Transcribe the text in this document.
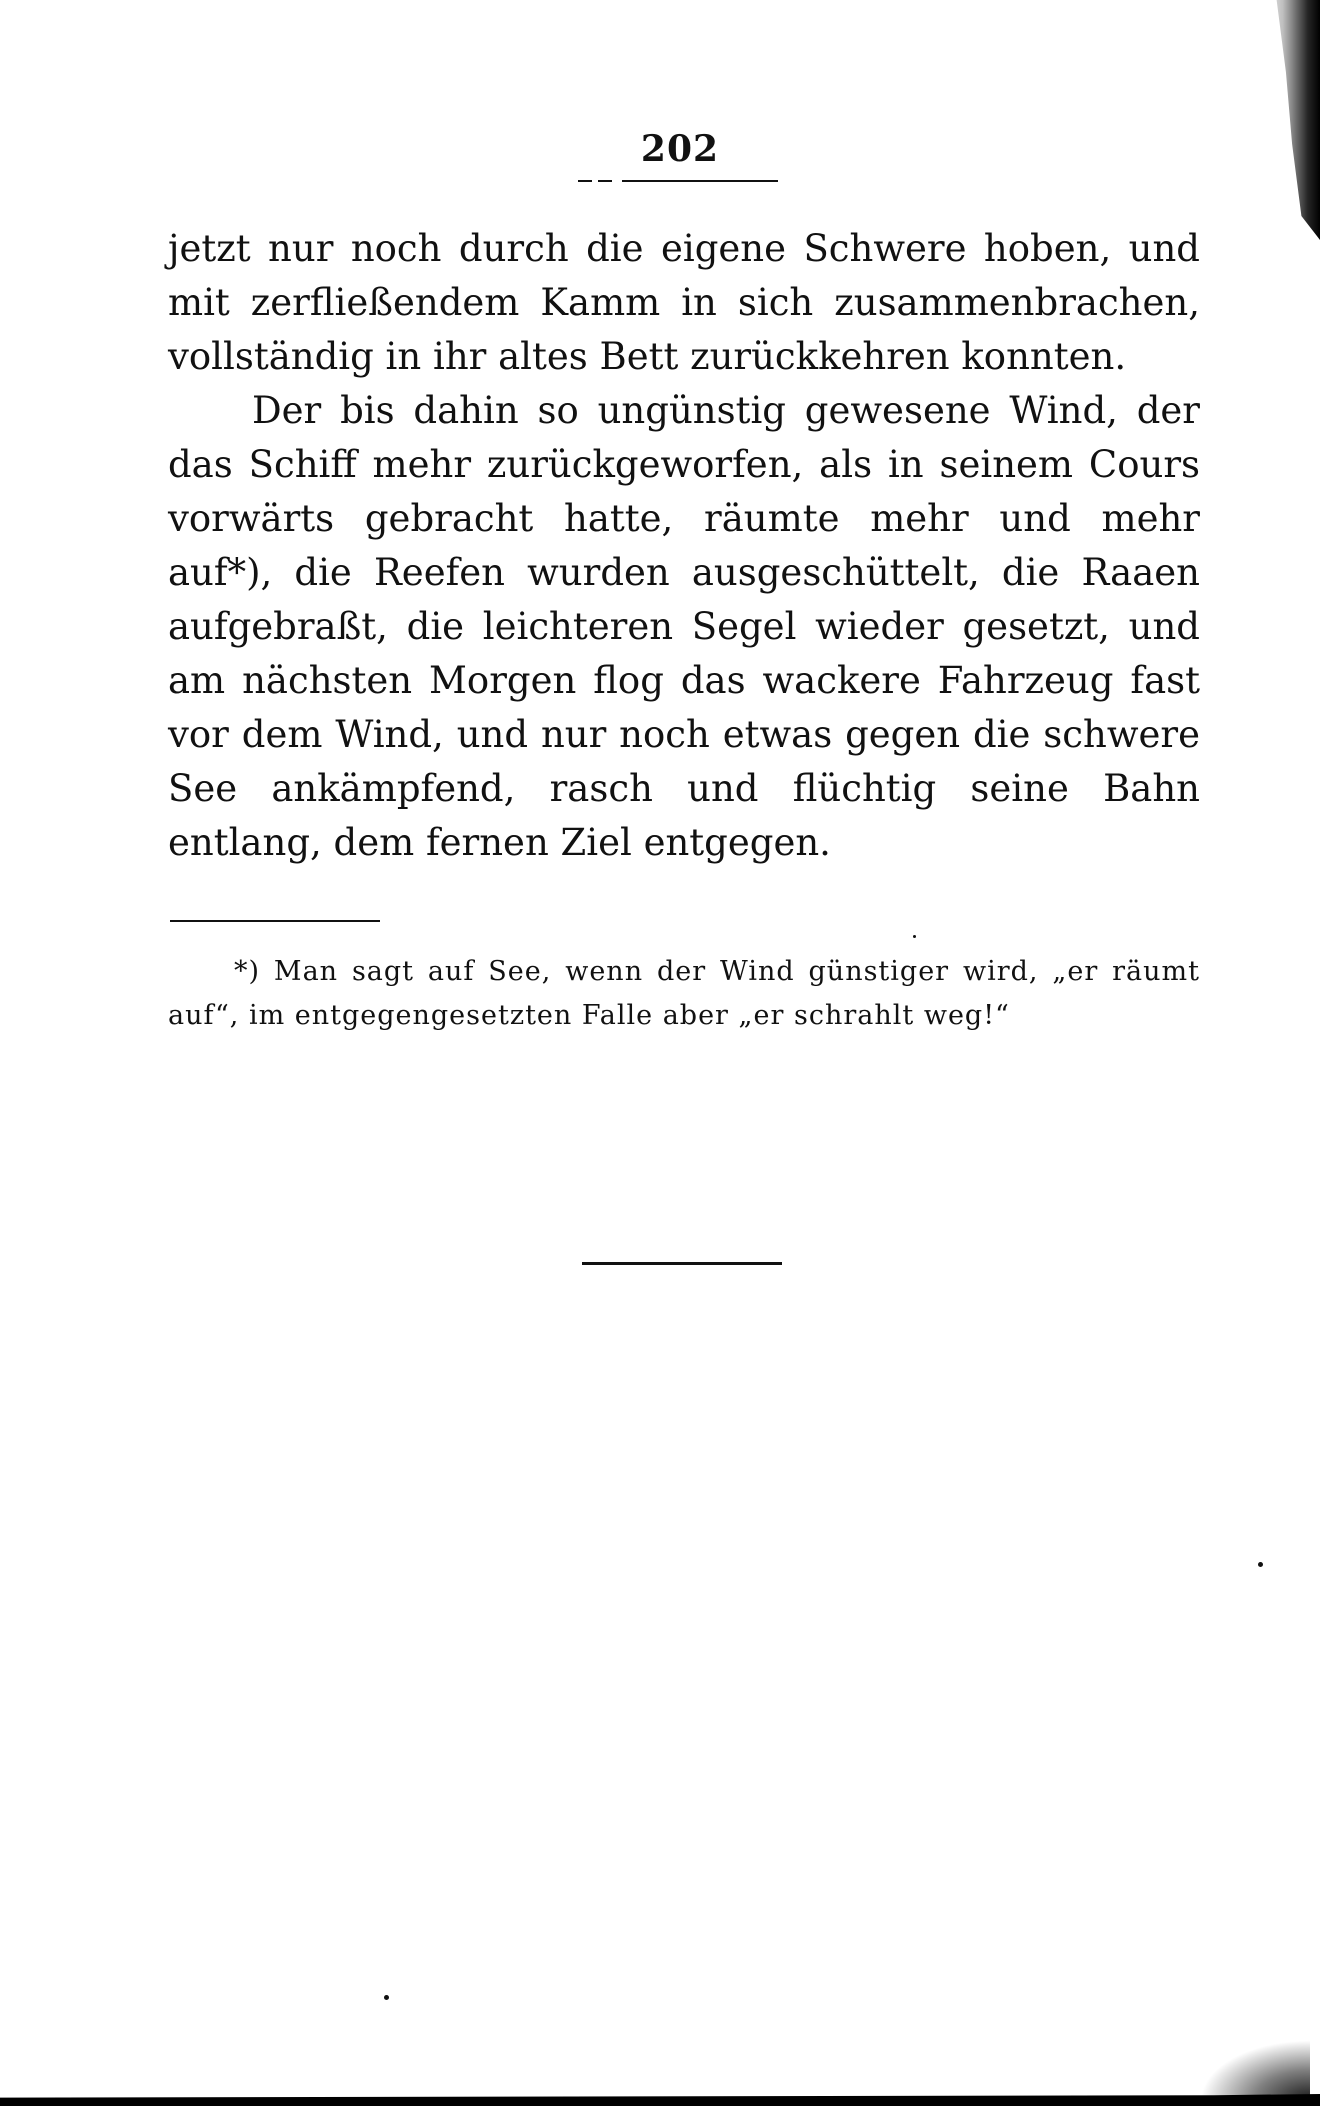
202

jetzt nur noch durch die eigene Schwere hoben, und mit zerfließendem Kamm in sich zusammenbrachen, vollständig in ihr altes Bett zurückkehren konnten.

Der bis dahin so ungünstig gewesene Wind, der das Schiff mehr zurückgeworfen, als in seinem Cours vorwärts gebracht hatte, räumte mehr und mehr auf*), die Reefen wurden ausgeschüttelt, die Raaen aufgebraßt, die leichteren Segel wieder gesetzt, und am nächsten Morgen flog das wackere Fahrzeug fast vor dem Wind, und nur noch etwas gegen die schwere See ankämpfend, rasch und flüchtig seine Bahn entlang, dem fernen Ziel entgegen.

*) Man sagt auf See, wenn der Wind günstiger wird, „er räumt auf“, im entgegengesetzten Falle aber „er schrahlt weg!“
